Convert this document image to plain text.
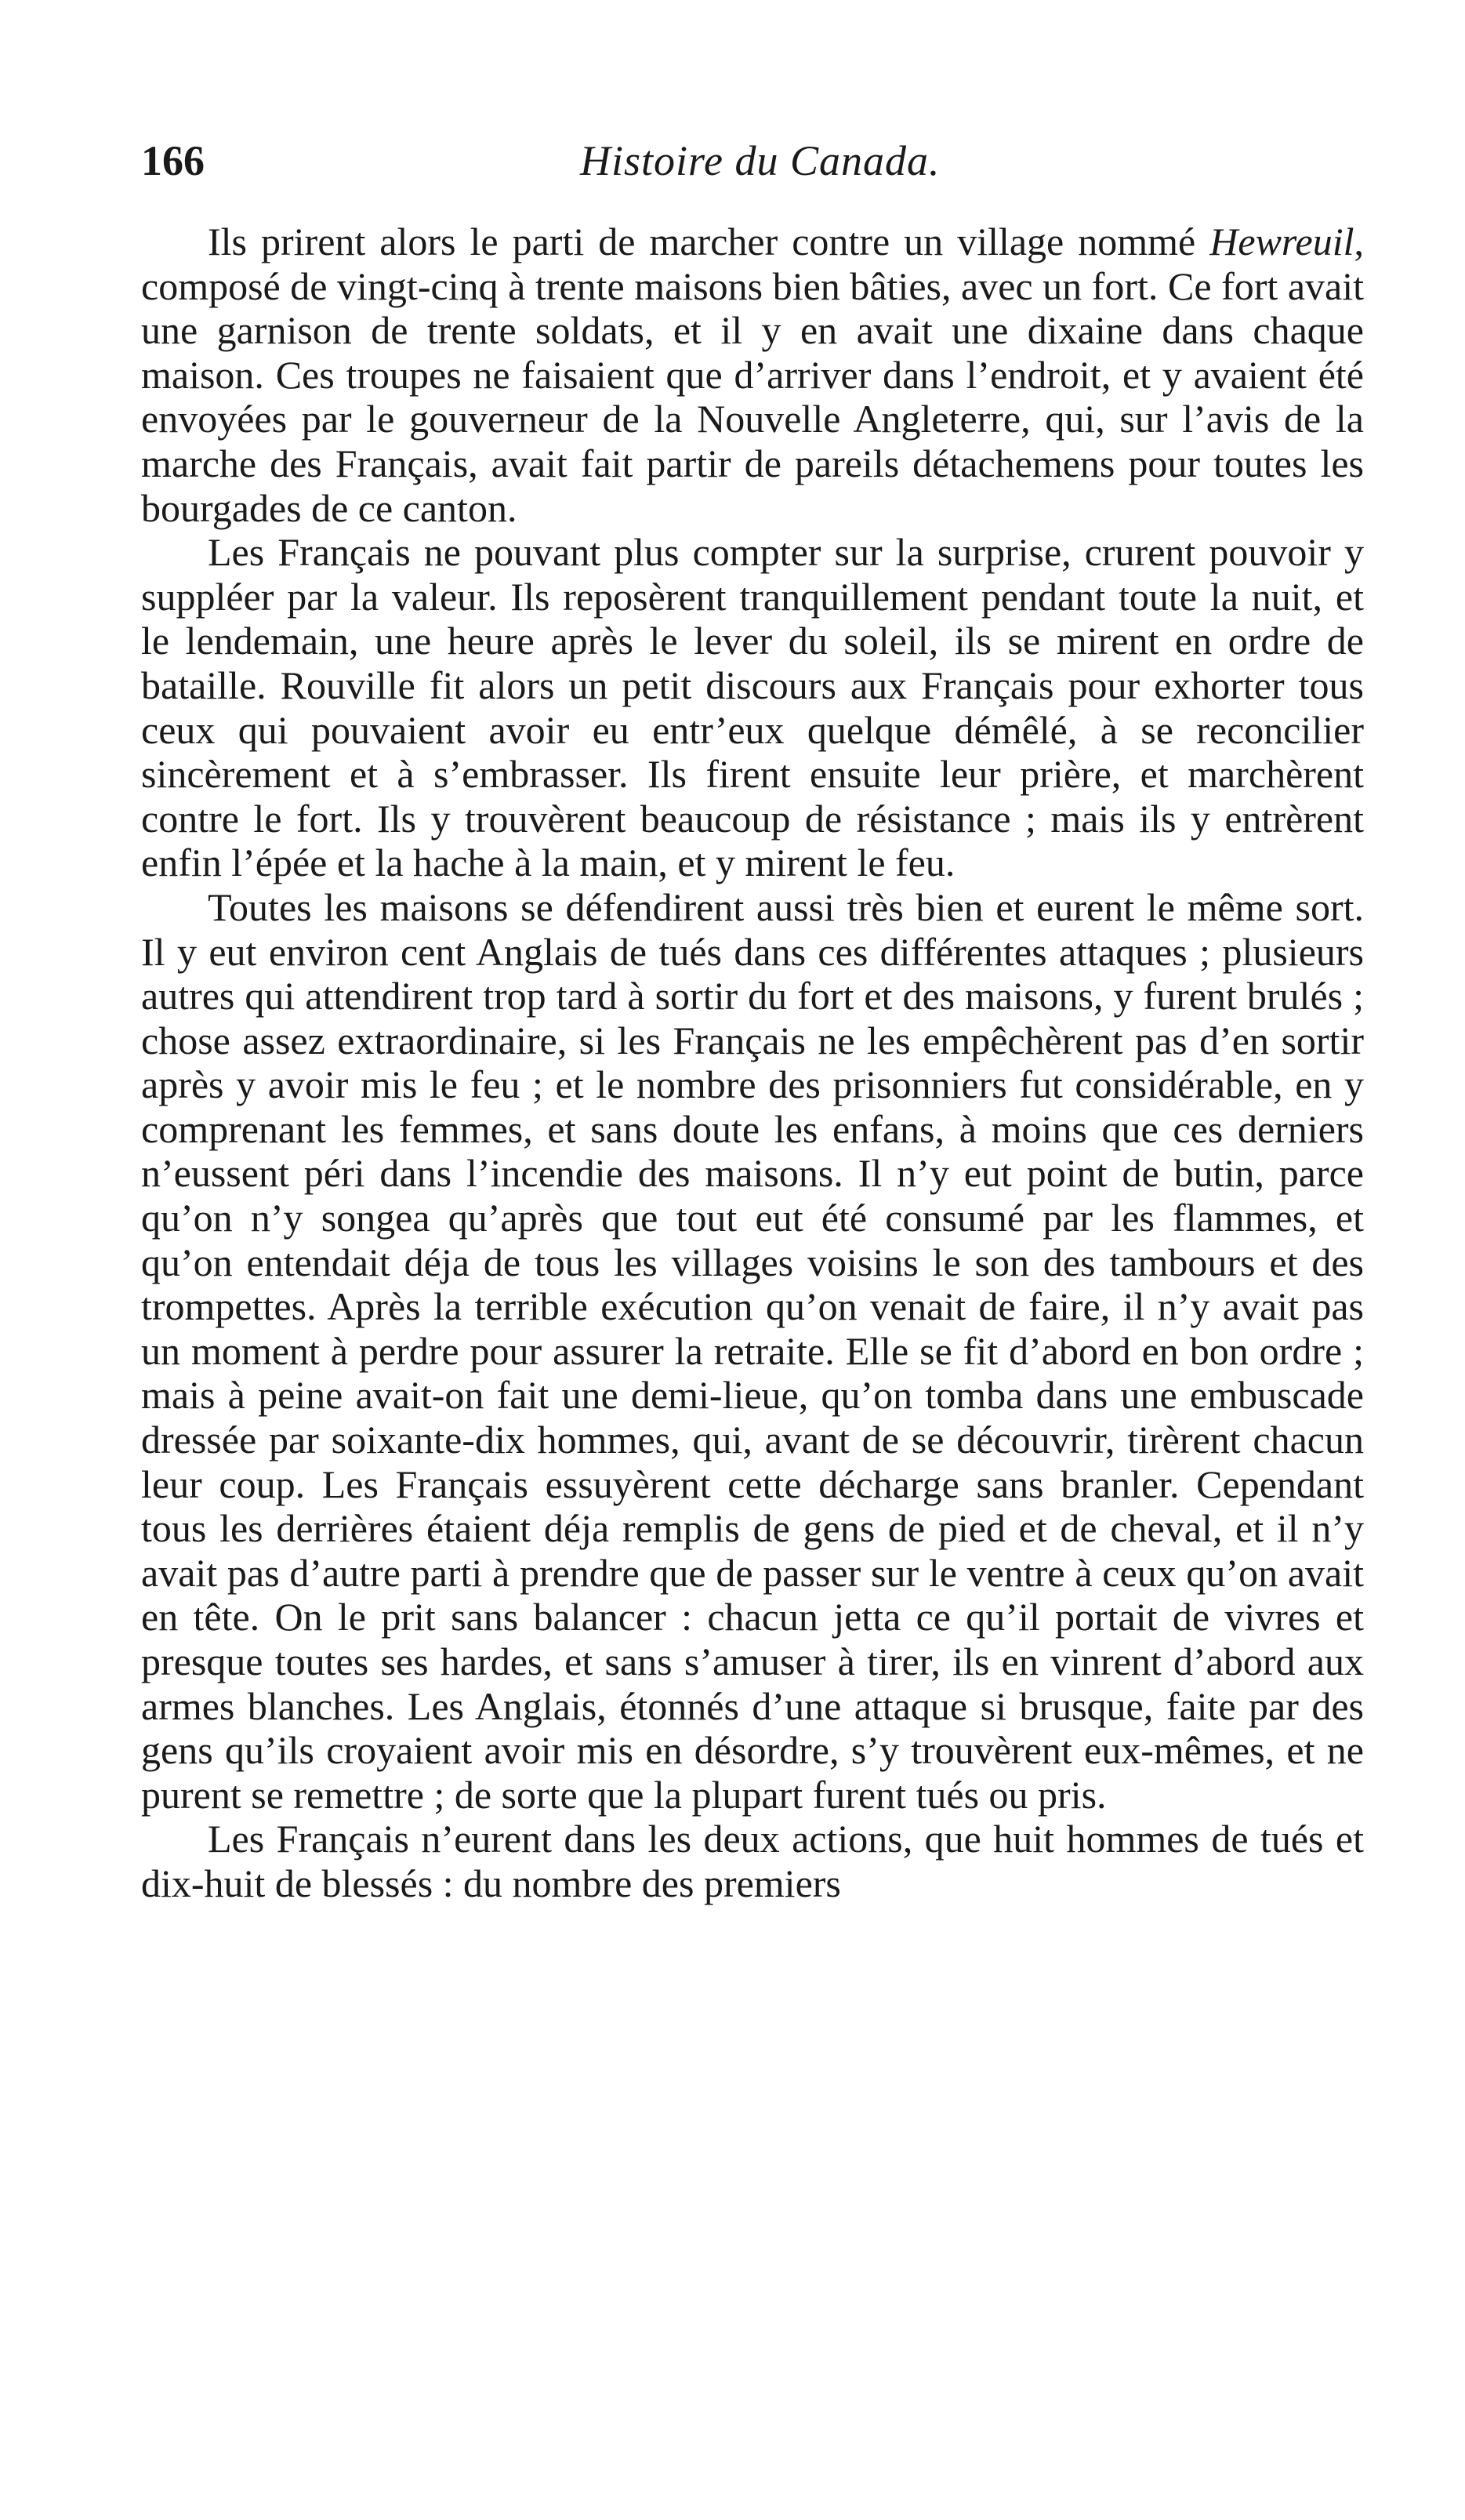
166	Histoire du Canada.

Ils prirent alors le parti de marcher contre un village nommé Hewreuil, composé de vingt-cinq à trente maisons bien bâties, avec un fort. Ce fort avait une garnison de trente soldats, et il y en avait une dixaine dans chaque maison. Ces troupes ne faisaient que d’arriver dans l’endroit, et y avaient été envoyées par le gouverneur de la Nouvelle Angleterre, qui, sur l’avis de la marche des Français, avait fait partir de pareils détachemens pour toutes les bourgades de ce canton.

Les Français ne pouvant plus compter sur la surprise, crurent pouvoir y suppléer par la valeur. Ils reposèrent tranquillement pendant toute la nuit, et le lendemain, une heure après le lever du soleil, ils se mirent en ordre de bataille. Rouville fit alors un petit discours aux Français pour exhorter tous ceux qui pouvaient avoir eu entr’eux quelque démêlé, à se reconcilier sincèrement et à s’embrasser. Ils firent ensuite leur prière, et marchèrent contre le fort. Ils y trouvèrent beaucoup de résistance ; mais ils y entrèrent enfin l’épée et la hache à la main, et y mirent le feu.

Toutes les maisons se défendirent aussi très bien et eurent le même sort. Il y eut environ cent Anglais de tués dans ces différentes attaques ; plusieurs autres qui attendirent trop tard à sortir du fort et des maisons, y furent brulés ; chose assez extraordinaire, si les Français ne les empêchèrent pas d’en sortir après y avoir mis le feu ; et le nombre des prisonniers fut considérable, en y comprenant les femmes, et sans doute les enfans, à moins que ces derniers n’eussent péri dans l’incendie des maisons. Il n’y eut point de butin, parce qu’on n’y songea qu’après que tout eut été consumé par les flammes, et qu’on entendait déja de tous les villages voisins le son des tambours et des trompettes. Après la terrible exécution qu’on venait de faire, il n’y avait pas un moment à perdre pour assurer la retraite. Elle se fit d’abord en bon ordre ; mais à peine avait-on fait une demi-lieue, qu’on tomba dans une embuscade dressée par soixante-dix hommes, qui, avant de se découvrir, tirèrent chacun leur coup. Les Français essuyèrent cette décharge sans branler. Cependant tous les derrières étaient déja remplis de gens de pied et de cheval, et il n’y avait pas d’autre parti à prendre que de passer sur le ventre à ceux qu’on avait en tête. On le prit sans balancer : chacun jetta ce qu’il portait de vivres et presque toutes ses hardes, et sans s’amuser à tirer, ils en vinrent d’abord aux armes blanches. Les Anglais, étonnés d’une attaque si brusque, faite par des gens qu’ils croyaient avoir mis en désordre, s’y trouvèrent eux-mêmes, et ne purent se remettre ; de sorte que la plupart furent tués ou pris.

Les Français n’eurent dans les deux actions, que huit hommes de tués et dix-huit de blessés : du nombre des premiers
